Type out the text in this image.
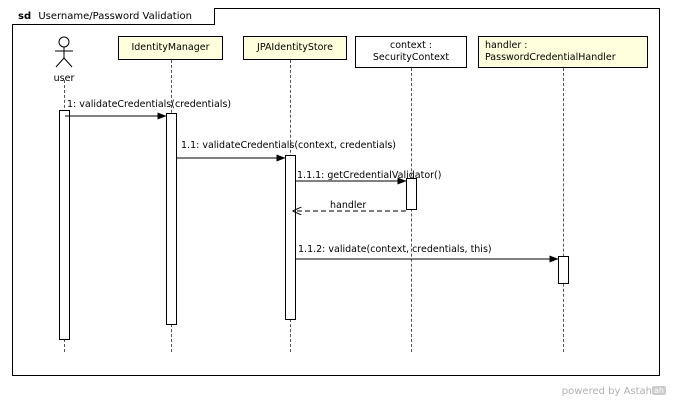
sd Username/Password Validation
user
IdentityManager	JPAIdentityStore	context :
SecurityContext
handler :
PasswordCredentialHandler
1: validateCredentials(credentials)
1.1: validateCredentials(context, credentials)
1.1.1: getCredentialValidator()
handler
1.1.2: validate(context, credentials, this)
powered by Astah ah
